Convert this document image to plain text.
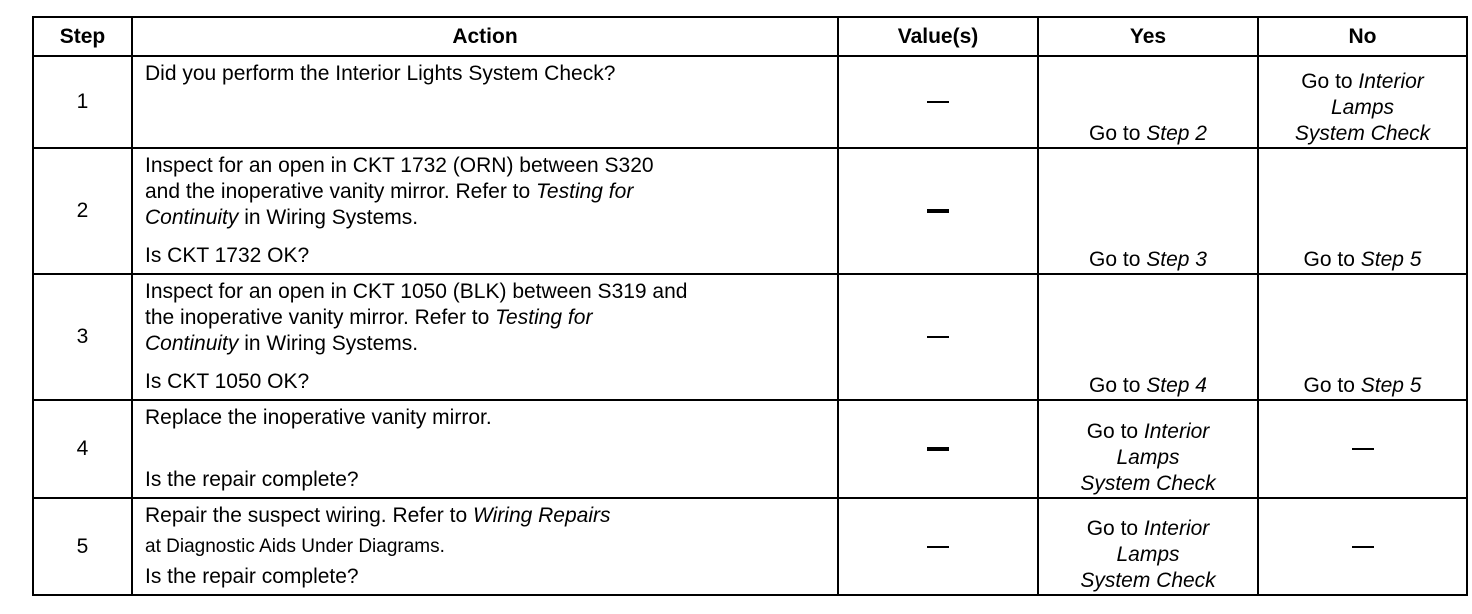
Step	Action	Value(s)	Yes	No
1	Did you perform the Interior Lights System Check?		Go to Step 2	Go to Interior
Lamps
System Check
2	Inspect for an open in CKT 1732 (ORN) between S320
and the inoperative vanity mirror. Refer to Testing for
Continuity in Wiring Systems.
Is CKT 1732 OK?		Go to Step 3	Go to Step 5
3	Inspect for an open in CKT 1050 (BLK) between S319 and
the inoperative vanity mirror. Refer to Testing for
Continuity in Wiring Systems.
Is CKT 1050 OK?		Go to Step 4	Go to Step 5
4	Replace the inoperative vanity mirror.
Is the repair complete?		Go to Interior
Lamps
System Check	
5	Repair the suspect wiring. Refer to Wiring Repairs
at Diagnostic Aids Under Diagrams.
Is the repair complete?		Go to Interior
Lamps
System Check	
